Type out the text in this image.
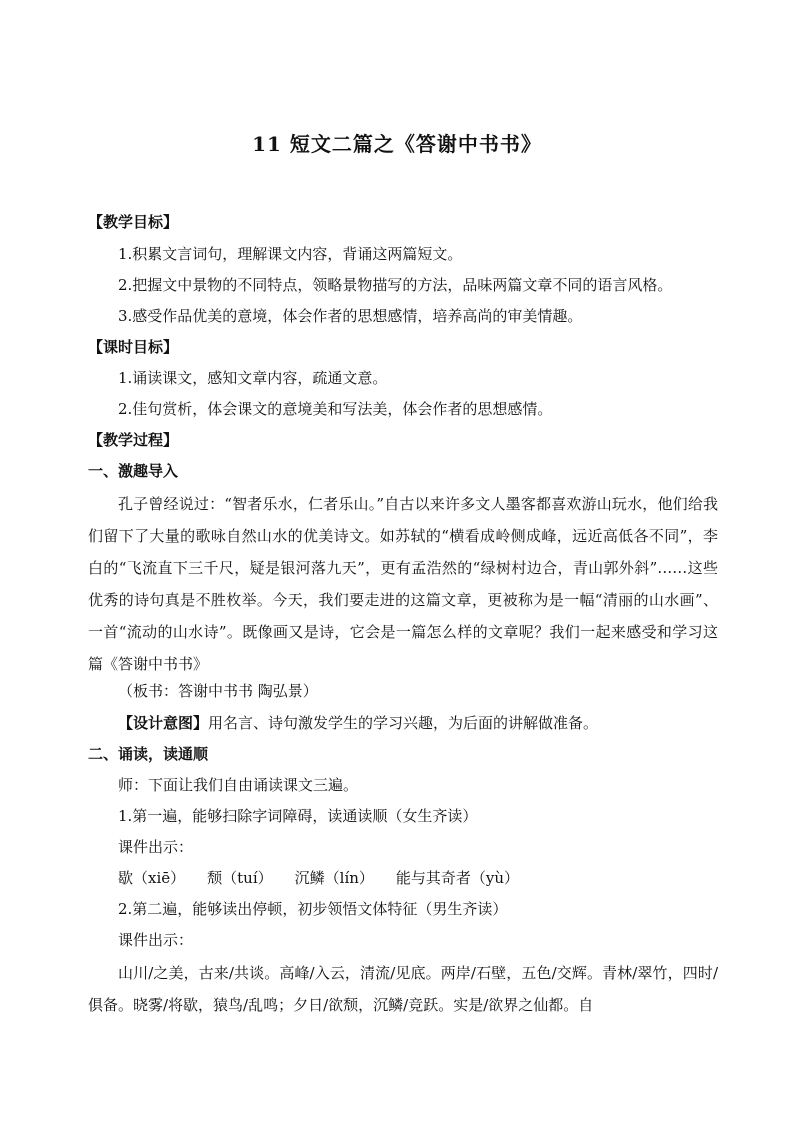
11 短文二篇之《答谢中书书》
【教学目标】
1.积累文言词句，理解课文内容，背诵这两篇短文。
2.把握文中景物的不同特点，领略景物描写的方法，品味两篇文章不同的语言风格。
3.感受作品优美的意境，体会作者的思想感情，培养高尚的审美情趣。
【课时目标】
1.诵读课文，感知文章内容，疏通文意。
2.佳句赏析，体会课文的意境美和写法美，体会作者的思想感情。
【教学过程】
一、激趣导入
孔子曾经说过：“智者乐水，仁者乐山。”自古以来许多文人墨客都喜欢游山玩水，他们给我们留下了大量的歌咏自然山水的优美诗文。如苏轼的“横看成岭侧成峰，远近高低各不同”，李白的“飞流直下三千尺，疑是银河落九天”，更有孟浩然的“绿树村边合，青山郭外斜”……这些优秀的诗句真是不胜枚举。今天，我们要走进的这篇文章，更被称为是一幅“清丽的山水画”、一首“流动的山水诗”。既像画又是诗，它会是一篇怎么样的文章呢？我们一起来感受和学习这篇《答谢中书书》
（板书：答谢中书书 陶弘景）
【设计意图】用名言、诗句激发学生的学习兴趣，为后面的讲解做准备。
二、诵读，读通顺
师：下面让我们自由诵读课文三遍。
1.第一遍，能够扫除字词障碍，读通读顺（女生齐读）
课件出示：
歇（xiē） 颓（tuí） 沉鳞（lín） 能与其奇者（yù）
2.第二遍，能够读出停顿，初步领悟文体特征（男生齐读）
课件出示：
山川/之美，古来/共谈。高峰/入云，清流/见底。两岸/石壁，五色/交辉。青林/翠竹，四时/俱备。晓雾/将歇，猿鸟/乱鸣；夕日/欲颓，沉鳞/竞跃。实是/欲界之仙都。自
